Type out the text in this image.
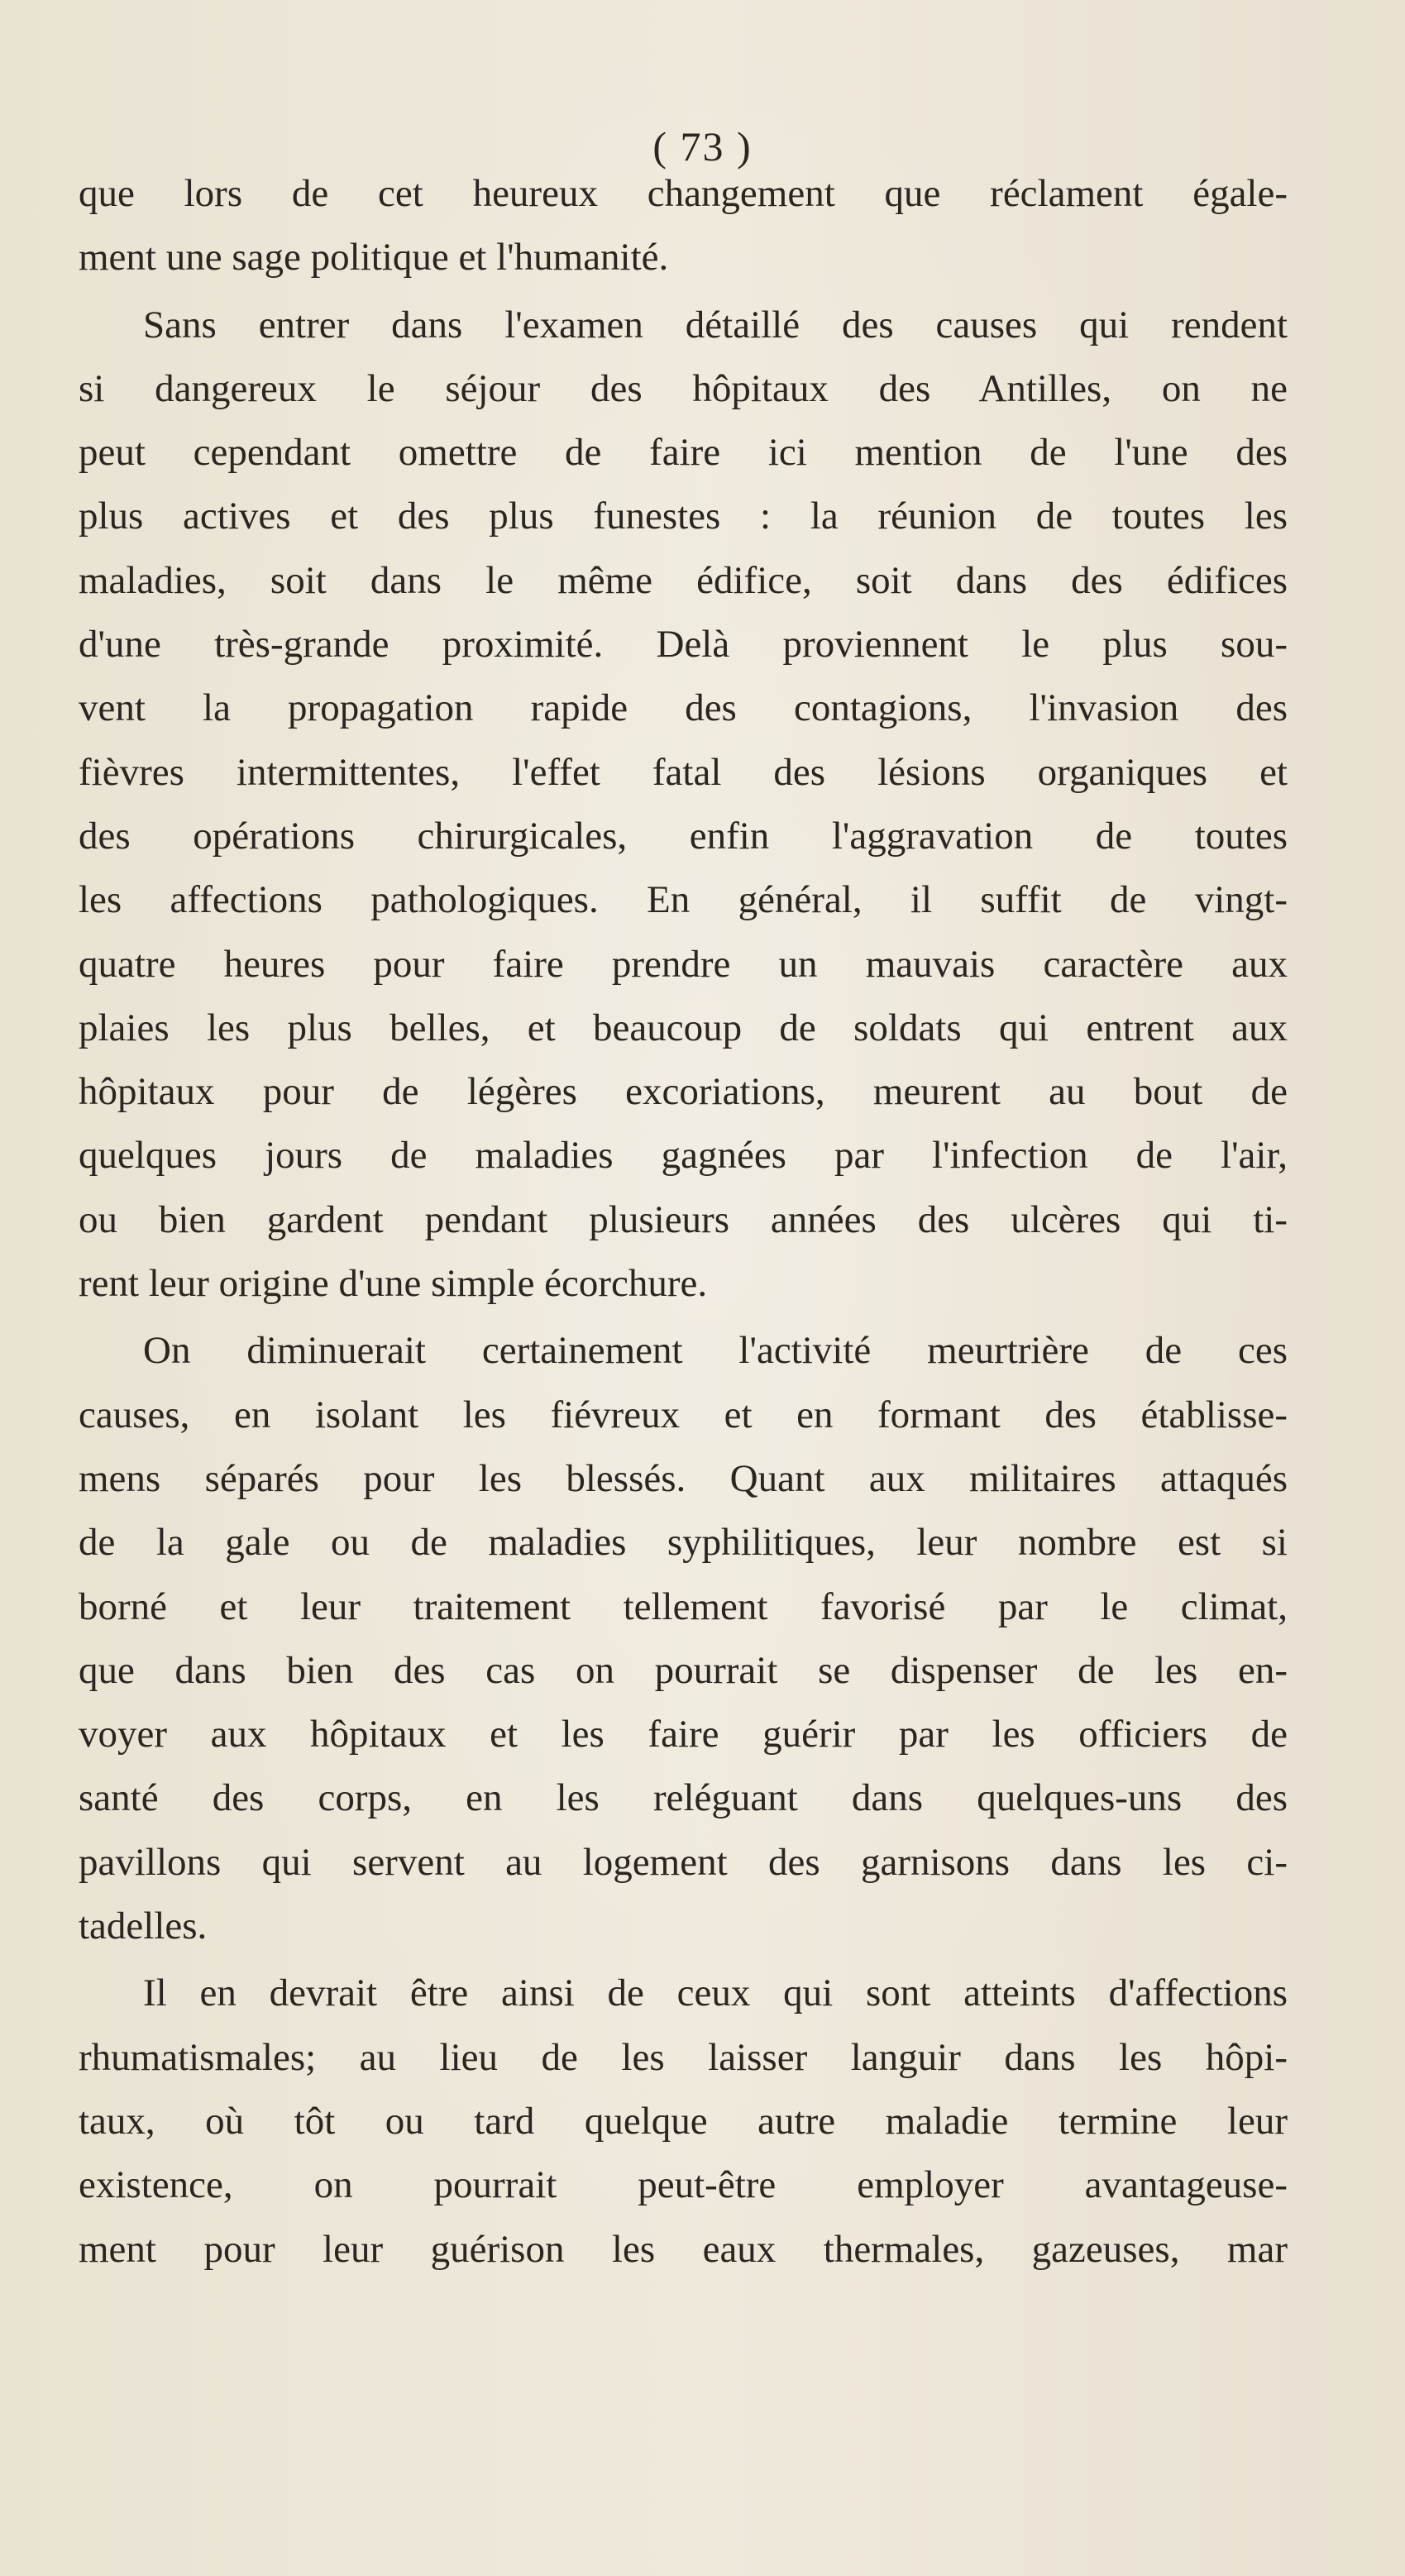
( 73 )
que lors de cet heureux changement que réclament égale-
ment une sage politique et l'humanité.
Sans entrer dans l'examen détaillé des causes qui rendent
si dangereux le séjour des hôpitaux des Antilles, on ne
peut cependant omettre de faire ici mention de l'une des
plus actives et des plus funestes : la réunion de toutes les
maladies, soit dans le même édifice, soit dans des édifices
d'une très-grande proximité. Delà proviennent le plus sou-
vent la propagation rapide des contagions, l'invasion des
fièvres intermittentes, l'effet fatal des lésions organiques et
des opérations chirurgicales, enfin l'aggravation de toutes
les affections pathologiques. En général, il suffit de vingt-
quatre heures pour faire prendre un mauvais caractère aux
plaies les plus belles, et beaucoup de soldats qui entrent aux
hôpitaux pour de légères excoriations, meurent au bout de
quelques jours de maladies gagnées par l'infection de l'air,
ou bien gardent pendant plusieurs années des ulcères qui ti-
rent leur origine d'une simple écorchure.
On diminuerait certainement l'activité meurtrière de ces
causes, en isolant les fiévreux et en formant des établisse-
mens séparés pour les blessés. Quant aux militaires attaqués
de la gale ou de maladies syphilitiques, leur nombre est si
borné et leur traitement tellement favorisé par le climat,
que dans bien des cas on pourrait se dispenser de les en-
voyer aux hôpitaux et les faire guérir par les officiers de
santé des corps, en les reléguant dans quelques-uns des
pavillons qui servent au logement des garnisons dans les ci-
tadelles.
Il en devrait être ainsi de ceux qui sont atteints d'affections
rhumatismales; au lieu de les laisser languir dans les hôpi-
taux, où tôt ou tard quelque autre maladie termine leur
existence, on pourrait peut-être employer avantageuse-
ment pour leur guérison les eaux thermales, gazeuses, mar
